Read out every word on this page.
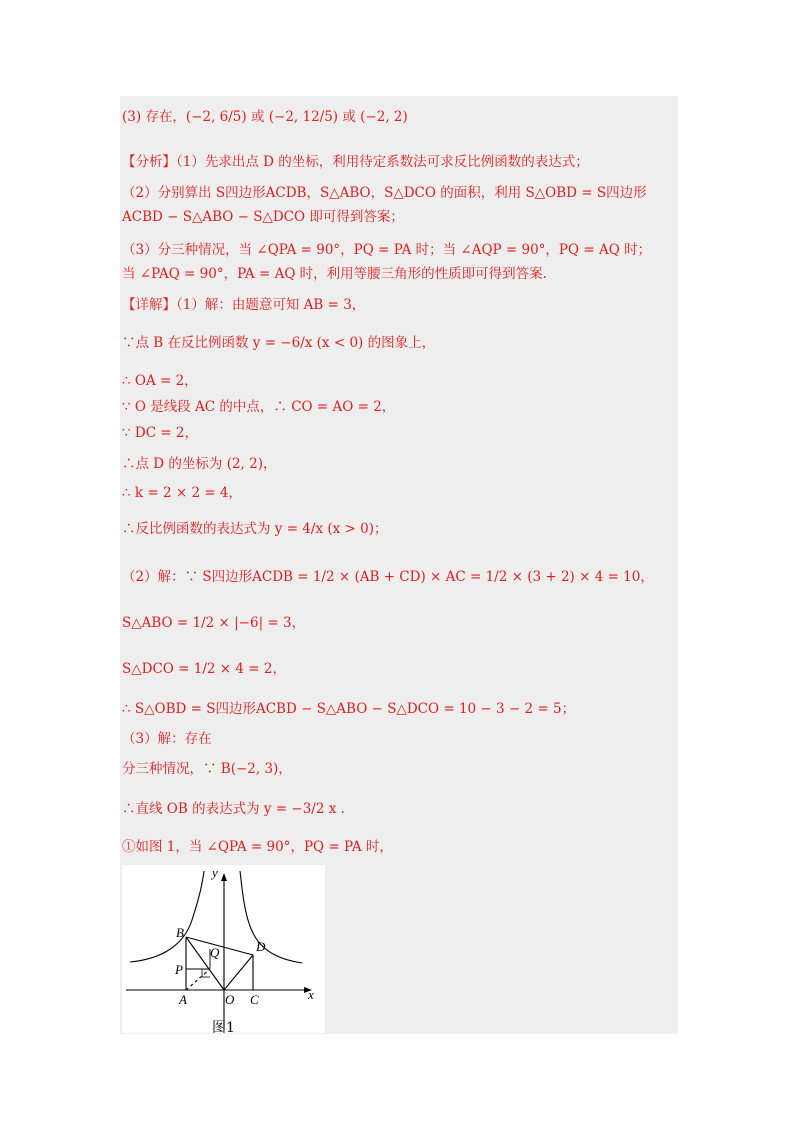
(3) 存在，(−2, 6/5) 或 (−2, 12/5) 或 (−2, 2)
【分析】（1）先求出点 D 的坐标，利用待定系数法可求反比例函数的表达式；
（2）分别算出 S四边形ACDB，S△ABO，S△DCO 的面积，利用 S△OBD = S四边形ACBD − S△ABO − S△DCO 即可得到答案；
（3）分三种情况，当 ∠QPA = 90°，PQ = PA 时；当 ∠AQP = 90°，PQ = AQ 时；当 ∠PAQ = 90°，PA = AQ 时，利用等腰三角形的性质即可得到答案.
【详解】（1）解：由题意可知 AB = 3，
∵点 B 在反比例函数 y = −6/x (x < 0) 的图象上，
∴ OA = 2，
∵ O 是线段 AC 的中点，∴ CO = AO = 2，
∵ DC = 2，
∴点 D 的坐标为 (2, 2)，
∴ k = 2 × 2 = 4，
∴反比例函数的表达式为 y = 4/x (x > 0)；
（2）解：∵ S四边形ACDB = 1/2 × (AB + CD) × AC = 1/2 × (3 + 2) × 4 = 10，
S△ABO = 1/2 × |−6| = 3，
S△DCO = 1/2 × 4 = 2，
∴ S△OBD = S四边形ACBD − S△ABO − S△DCO = 10 − 3 − 2 = 5；
（3）解：存在
分三种情况，∵ B(−2, 3)，
∴直线 OB 的表达式为 y = −3/2 x .
①如图 1，当 ∠QPA = 90°，PQ = PA 时，
y
x
B
D
Q
P
A	O C
图1
